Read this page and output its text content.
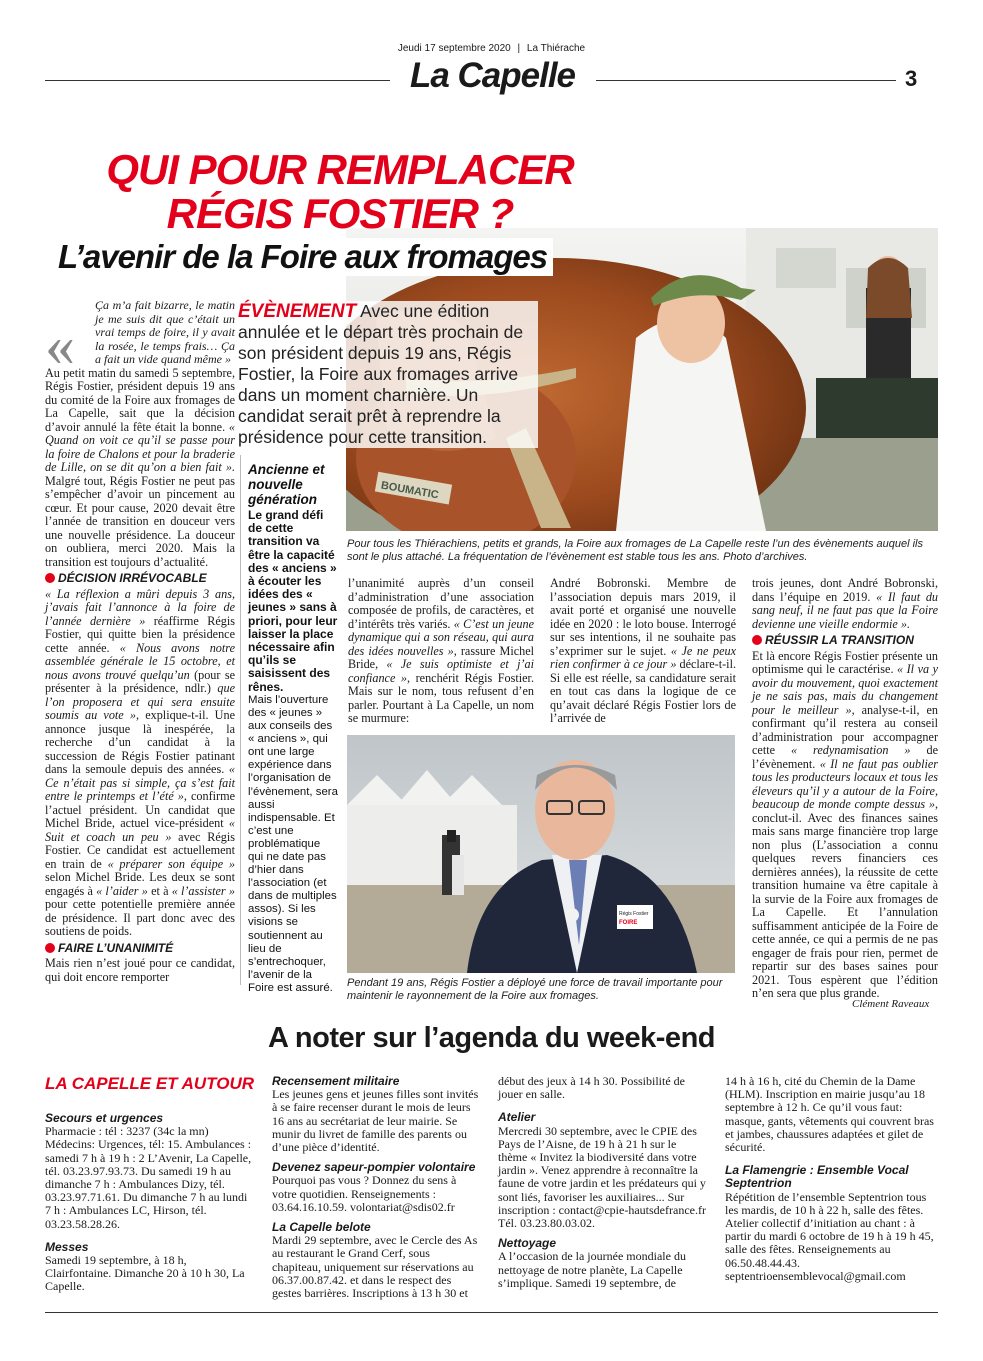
Jeudi 17 septembre 2020 | La Thiérache
La Capelle	3
BOUMATIC
QUI POUR REMPLACER
RÉGIS FOSTIER ?
L’avenir de la Foire aux fromages
ÉVÈNEMENT Avec une édition annulée et le départ très prochain de son président depuis 19 ans, Régis Fostier, la Foire aux fromages arrive dans un moment charnière. Un candidat serait prêt à reprendre la présidence pour cette transition.
«

Ça m’a fait bizarre, le matin je me suis dit que c’était un vrai temps de foire, il y avait la rosée, le temps frais… Ça a fait un vide quand même »

Au petit matin du samedi 5 septembre, Régis Fostier, président depuis 19 ans du comité de la Foire aux fromages de La Capelle, sait que la décision d’avoir annulé la fête était la bonne. « Quand on voit ce qu’il se passe pour la foire de Chalons et pour la braderie de Lille, on se dit qu’on a bien fait ». Malgré tout, Régis Fostier ne peut pas s’empêcher d’avoir un pincement au cœur. Et pour cause, 2020 devait être l’année de transition en douceur vers une nouvelle présidence. La douceur on oubliera, merci 2020. Mais la transition est toujours d’actualité.

DÉCISION IRRÉVOCABLE

« La réflexion a mûri depuis 3 ans, j’avais fait l’annonce à la foire de l’année dernière » réaffirme Régis Fostier, qui quitte bien la présidence cette année. « Nous avons notre assemblée générale le 15 octobre, et nous avons trouvé quelqu’un (pour se présenter à la présidence, ndlr.) que l’on proposera et qui sera ensuite soumis au vote », explique-t-il. Une annonce jusque là inespérée, la recherche d’un candidat à la succession de Régis Fostier patinant dans la semoule depuis des années. « Ce n’était pas si simple, ça s’est fait entre le printemps et l’été », confirme l’actuel président. Un candidat que Michel Bride, actuel vice-président « Suit et coach un peu » avec Régis Fostier. Ce candidat est actuellement en train de « préparer son équipe » selon Michel Bride. Les deux se sont engagés à « l’aider » et à « l’assister » pour cette potentielle première année de présidence. Il part donc avec des soutiens de poids.

FAIRE L’UNANIMITÉ

Mais rien n’est joué pour ce candidat, qui doit encore remporter

Ancienne et nouvelle génération
Le grand défi de cette transition va être la capacité des « anciens » à écouter les idées des « jeunes » sans à priori, pour leur laisser la place nécessaire afin qu’ils se saisissent des rênes.
Mais l’ouverture des « jeunes » aux conseils des « anciens », qui ont une large expérience dans l’organisation de l’évènement, sera aussi indispensable. Et c’est une problématique qui ne date pas d’hier dans l’association (et dans de multiples assos). Si les visions se soutiennent au lieu de s’entrechoquer, l’avenir de la Foire est assuré.
Pour tous les Thiérachiens, petits et grands, la Foire aux fromages de La Capelle reste l’un des évènements auquel ils sont le plus attaché. La fréquentation de l’évènement est stable tous les ans. Photo d’archives.

l’unanimité auprès d’un conseil d’administration d’une association composée de profils, de caractères, et d’intérêts très variés. « C’est un jeune dynamique qui a son réseau, qui aura des idées nouvelles », rassure Michel Bride, « Je suis optimiste et j’ai confiance », renchérit Régis Fostier. Mais sur le nom, tous refusent d’en parler. Pourtant à La Capelle, un nom se murmure:

André Bobronski. Membre de l’association depuis mars 2019, il avait porté et organisé une nouvelle idée en 2020 : le loto bouse. Interrogé sur ses intentions, il ne souhaite pas s’exprimer sur le sujet. « Je ne peux rien confirmer à ce jour » déclare-t-il. Si elle est réelle, sa candidature serait en tout cas dans la logique de ce qu’avait déclaré Régis Fostier lors de l’arrivée de

Régis Fostier
FOIRE
Pendant 19 ans, Régis Fostier a déployé une force de travail importante pour maintenir le rayonnement de la Foire aux fromages.

trois jeunes, dont André Bobronski, dans l’équipe en 2019. « Il faut du sang neuf, il ne faut pas que la Foire devienne une vieille endormie ».

RÉUSSIR LA TRANSITION

Et là encore Régis Fostier présente un optimisme qui le caractérise. « Il va y avoir du mouvement, quoi exactement je ne sais pas, mais du changement pour le meilleur », analyse-t-il, en confirmant qu’il restera au conseil d’administration pour accompagner cette « redynamisation » de l’évènement. « Il ne faut pas oublier tous les producteurs locaux et tous les éleveurs qu’il y a autour de la Foire, beaucoup de monde compte dessus », conclut-il. Avec des finances saines mais sans marge financière trop large non plus (L’association a connu quelques revers financiers ces dernières années), la réussite de cette transition humaine va être capitale à la survie de la Foire aux fromages de La Capelle. Et l’annulation suffisamment anticipée de la Foire de cette année, ce qui a permis de ne pas engager de frais pour rien, permet de repartir sur des bases saines pour 2021. Tous espèrent que l’édition n’en sera que plus grande.

Clément Raveaux
A noter sur l’agenda du week-end
LA CAPELLE ET AUTOUR
Secours et urgences

Pharmacie : tél : 3237 (34c la mn) Médecins: Urgences, tél: 15. Ambulances : samedi 7 h à 19 h : 2 L’Avenir, La Capelle, tél. 03.23.97.93.73. Du samedi 19 h au dimanche 7 h : Ambulances Dizy, tél. 03.23.97.71.61. Du dimanche 7 h au lundi 7 h : Ambulances LC, Hirson, tél. 03.23.58.28.26.

Messes

Samedi 19 septembre, à 18 h, Clairfontaine. Dimanche 20 à 10 h 30, La Capelle.

Recensement militaire

Les jeunes gens et jeunes filles sont invités à se faire recenser durant le mois de leurs 16 ans au secrétariat de leur mairie. Se munir du livret de famille des parents ou d’une pièce d’identité.

Devenez sapeur-pompier volontaire

Pourquoi pas vous ? Donnez du sens à votre quotidien. Renseignements : 03.64.16.10.59. volontariat@sdis02.fr

La Capelle belote

Mardi 29 septembre, avec le Cercle des As au restaurant le Grand Cerf, sous chapiteau, uniquement sur réservations au 06.37.00.87.42. et dans le respect des gestes barrières. Inscriptions à 13 h 30 et

début des jeux à 14 h 30. Possibilité de jouer en salle.

Atelier

Mercredi 30 septembre, avec le CPIE des Pays de l’Aisne, de 19 h à 21 h sur le thème « Invitez la biodiversité dans votre jardin ». Venez apprendre à reconnaître la faune de votre jardin et les prédateurs qui y sont liés, favoriser les auxiliaires... Sur inscription : contact@cpie-hautsdefrance.fr Tél. 03.23.80.03.02.

Nettoyage

A l’occasion de la journée mondiale du nettoyage de notre planète, La Capelle s’implique. Samedi 19 septembre, de

14 h à 16 h, cité du Chemin de la Dame (HLM). Inscription en mairie jusqu’au 18 septembre à 12 h. Ce qu’il vous faut: masque, gants, vêtements qui couvrent bras et jambes, chaussures adaptées et gilet de sécurité.

La Flamengrie : Ensemble Vocal Septentrion

Répétition de l’ensemble Septentrion tous les mardis, de 10 h à 22 h, salle des fêtes. Atelier collectif d’initiation au chant : à partir du mardi 6 octobre de 19 h à 19 h 45, salle des fêtes. Renseignements au 06.50.48.44.43. septentrioensemblevocal@gmail.com
